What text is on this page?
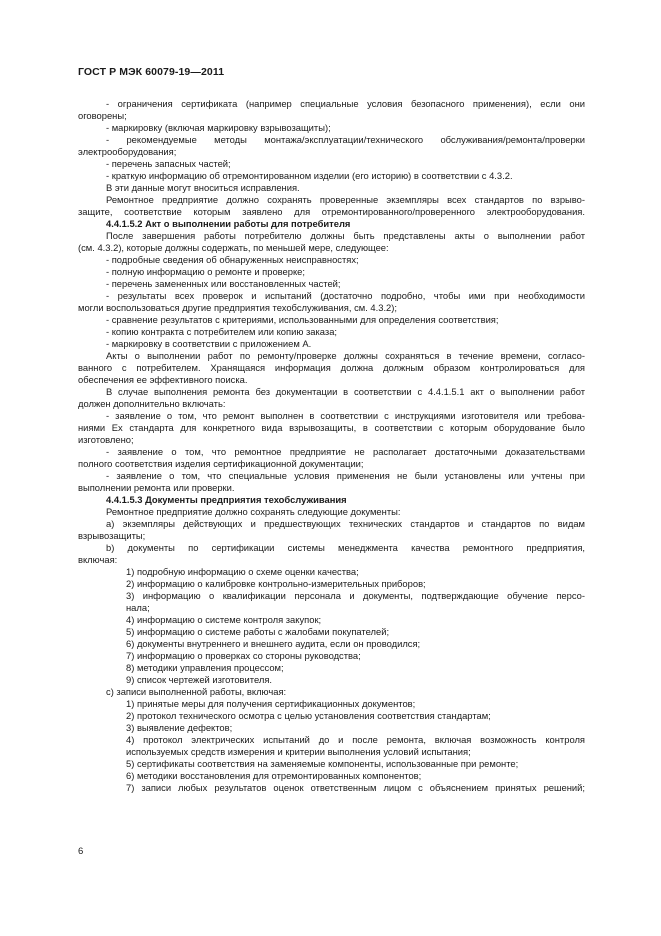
ГОСТ Р МЭК 60079-19—2011
- ограничения сертификата (например специальные условия безопасного применения), если они
оговорены;
- маркировку (включая маркировку взрывозащиты);
- рекомендуемые методы монтажа/эксплуатации/технического обслуживания/ремонта/проверки
электрооборудования;
- перечень запасных частей;
- краткую информацию об отремонтированном изделии (его историю) в соответствии с 4.3.2.
В эти данные могут вноситься исправления.
Ремонтное предприятие должно сохранять проверенные экземпляры всех стандартов по взрыво-
защите, соответствие которым заявлено для отремонтированного/проверенного электрооборудования.
4.4.1.5.2 Акт о выполнении работы для потребителя
После завершения работы потребителю должны быть представлены акты о выполнении работ
(см. 4.3.2), которые должны содержать, по меньшей мере, следующее:
- подробные сведения об обнаруженных неисправностях;
- полную информацию о ремонте и проверке;
- перечень замененных или восстановленных частей;
- результаты всех проверок и испытаний (достаточно подробно, чтобы ими при необходимости
могли воспользоваться другие предприятия техобслуживания, см. 4.3.2);
- сравнение результатов с критериями, использованными для определения соответствия;
- копию контракта с потребителем или копию заказа;
- маркировку в соответствии с приложением А.
Акты о выполнении работ по ремонту/проверке должны сохраняться в течение времени, согласо-
ванного с потребителем. Хранящаяся информация должна должным образом контролироваться для
обеспечения ее эффективного поиска.
В случае выполнения ремонта без документации в соответствии с 4.4.1.5.1 акт о выполнении работ
должен дополнительно включать:
- заявление о том, что ремонт выполнен в соответствии с инструкциями изготовителя или требова-
ниями Ех стандарта для конкретного вида взрывозащиты, в соответствии с которым оборудование было
изготовлено;
- заявление о том, что ремонтное предприятие не располагает достаточными доказательствами
полного соответствия изделия сертификационной документации;
- заявление о том, что специальные условия применения не были установлены или учтены при
выполнении ремонта или проверки.
4.4.1.5.3 Документы предприятия техобслуживания
Ремонтное предприятие должно сохранять следующие документы:
а) экземпляры действующих и предшествующих технических стандартов и стандартов по видам
взрывозащиты;
b) документы по сертификации системы менеджмента качества ремонтного предприятия,
включая:
1) подробную информацию о схеме оценки качества;
2) информацию о калибровке контрольно-измерительных приборов;
3) информацию о квалификации персонала и документы, подтверждающие обучение персо-
нала;
4) информацию о системе контроля закупок;
5) информацию о системе работы с жалобами покупателей;
6) документы внутреннего и внешнего аудита, если он проводился;
7) информацию о проверках со стороны руководства;
8) методики управления процессом;
9) список чертежей изготовителя.
с) записи выполненной работы, включая:
1) принятые меры для получения сертификационных документов;
2) протокол технического осмотра с целью установления соответствия стандартам;
3) выявление дефектов;
4) протокол электрических испытаний до и после ремонта, включая возможность контроля
используемых средств измерения и критерии выполнения условий испытания;
5) сертификаты соответствия на заменяемые компоненты, использованные при ремонте;
6) методики восстановления для отремонтированных компонентов;
7) записи любых результатов оценок ответственным лицом с объяснением принятых решений;
6
